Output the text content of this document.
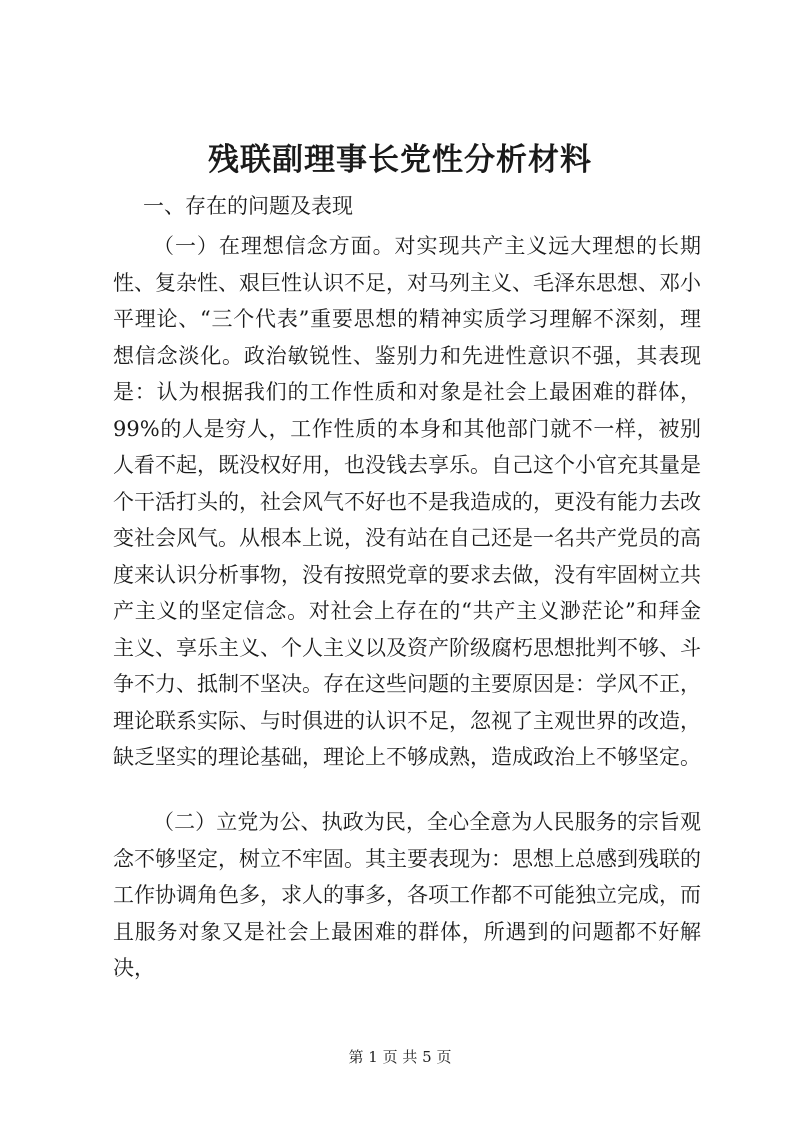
残联副理事长党性分析材料

一、存在的问题及表现

（一）在理想信念方面。对实现共产主义远大理想的长期性、复杂性、艰巨性认识不足，对马列主义、毛泽东思想、邓小平理论、“三个代表”重要思想的精神实质学习理解不深刻，理想信念淡化。政治敏锐性、鉴别力和先进性意识不强，其表现是：认为根据我们的工作性质和对象是社会上最困难的群体，99%的人是穷人，工作性质的本身和其他部门就不一样，被别人看不起，既没权好用，也没钱去享乐。自己这个小官充其量是个干活打头的，社会风气不好也不是我造成的，更没有能力去改变社会风气。从根本上说，没有站在自己还是一名共产党员的高度来认识分析事物，没有按照党章的要求去做，没有牢固树立共产主义的坚定信念。对社会上存在的“共产主义渺茫论”和拜金主义、享乐主义、个人主义以及资产阶级腐朽思想批判不够、斗争不力、抵制不坚决。存在这些问题的主要原因是：学风不正，理论联系实际、与时俱进的认识不足，忽视了主观世界的改造，缺乏坚实的理论基础，理论上不够成熟，造成政治上不够坚定。

（二）立党为公、执政为民，全心全意为人民服务的宗旨观念不够坚定，树立不牢固。其主要表现为：思想上总感到残联的工作协调角色多，求人的事多，各项工作都不可能独立完成，而且服务对象又是社会上最困难的群体，所遇到的问题都不好解决，

第 1 页 共 5 页
